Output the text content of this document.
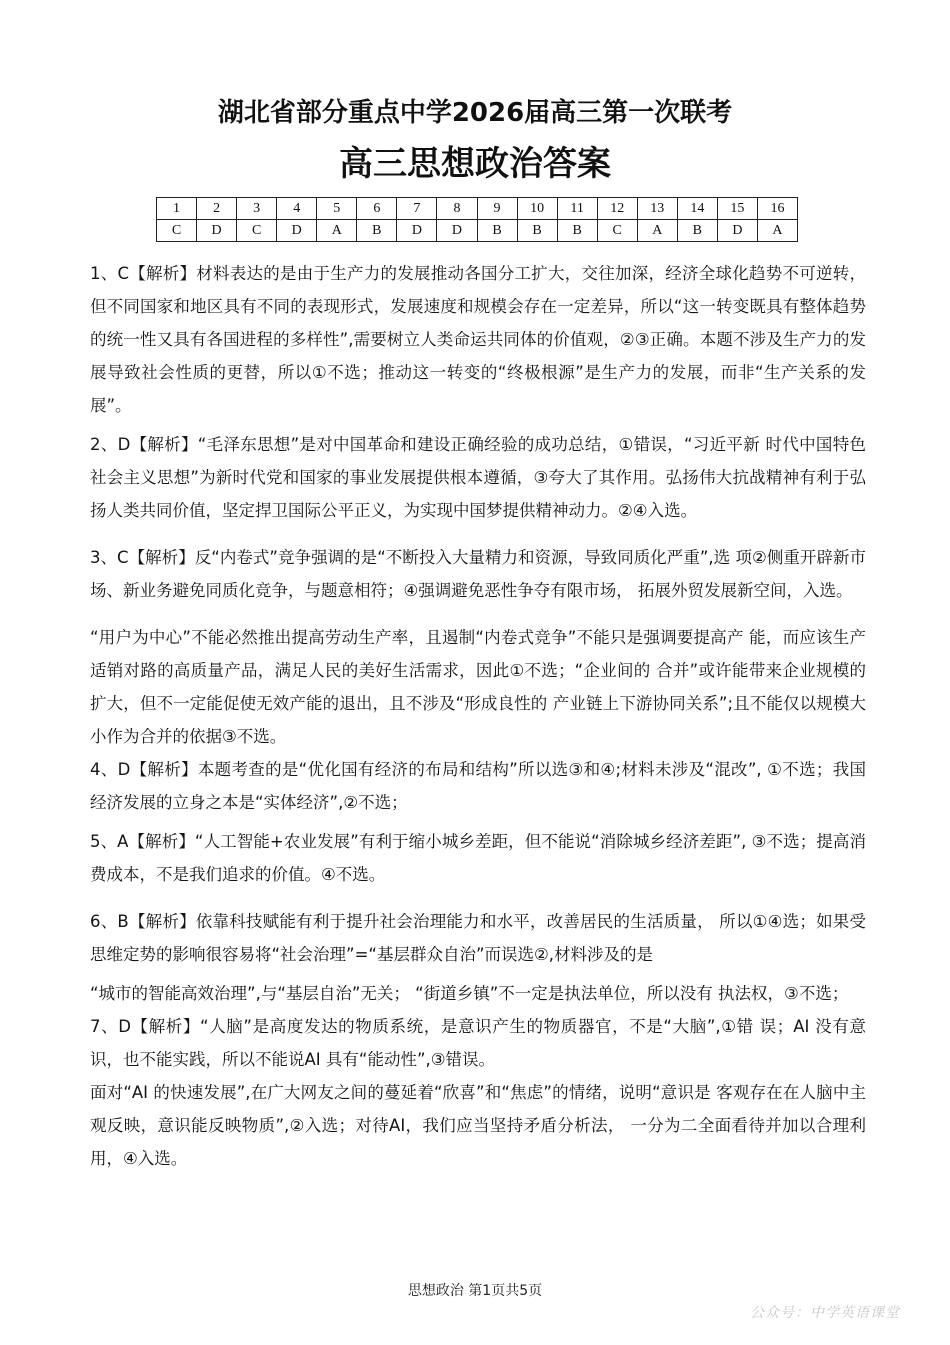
湖北省部分重点中学2026届高三第一次联考
高三思想政治答案
1	2	3	4	5	6	7	8	9	10	11	12	13	14	15	16
C	D	C	D	A	B	D	D	B	B	B	C	A	B	D	A

1、C【解析】材料表达的是由于生产力的发展推动各国分工扩大，交往加深，经济全球化趋势不可逆转，但不同国家和地区具有不同的表现形式，发展速度和规模会存在一定差异，所以“这一转变既具有整体趋势的统一性又具有各国进程的多样性”,需要树立人类命运共同体的价值观，②③正确。本题不涉及生产力的发展导致社会性质的更替，所以①不选；推动这一转变的“终极根源”是生产力的发展，而非“生产关系的发展”。

2、D【解析】“毛泽东思想”是对中国革命和建设正确经验的成功总结，①错误，“习近平新 时代中国特色社会主义思想”为新时代党和国家的事业发展提供根本遵循，③夸大了其作用。弘扬伟大抗战精神有利于弘扬人类共同价值，坚定捍卫国际公平正义，为实现中国梦提供精神动力。②④入选。

3、C【解析】反“内卷式”竞争强调的是“不断投入大量精力和资源，导致同质化严重”,选 项②侧重开辟新市场、新业务避免同质化竞争，与题意相符；④强调避免恶性争夺有限市场， 拓展外贸发展新空间，入选。

“用户为中心”不能必然推出提高劳动生产率，且遏制“内卷式竞争”不能只是强调要提高产 能，而应该生产适销对路的高质量产品，满足人民的美好生活需求，因此①不选；“企业间的 合并”或许能带来企业规模的扩大，但不一定能促使无效产能的退出，且不涉及“形成良性的 产业链上下游协同关系”;且不能仅以规模大小作为合并的依据③不选。

4、D【解析】本题考查的是“优化国有经济的布局和结构”所以选③和④;材料未涉及“混改”, ①不选；我国经济发展的立身之本是“实体经济”,②不选；

5、A【解析】“人工智能+农业发展”有利于缩小城乡差距，但不能说“消除城乡经济差距”, ③不选；提高消费成本，不是我们追求的价值。④不选。

6、B【解析】依靠科技赋能有利于提升社会治理能力和水平，改善居民的生活质量， 所以①④选；如果受思维定势的影响很容易将“社会治理”=“基层群众自治”而误选②,材料涉及的是

“城市的智能高效治理”,与“基层自治”无关； “街道乡镇”不一定是执法单位，所以没有 执法权，③不选；

7、D【解析】“人脑”是高度发达的物质系统，是意识产生的物质器官，不是“大脑”,①错 误；AI 没有意识，也不能实践，所以不能说AI 具有“能动性”,③错误。

面对“AI 的快速发展”,在广大网友之间的蔓延着“欣喜”和“焦虑”的情绪，说明“意识是 客观存在在人脑中主观反映，意识能反映物质”,②入选；对待AI，我们应当坚持矛盾分析法， 一分为二全面看待并加以合理利用，④入选。

思想政治 第1页共5页
公众号：中学英语课堂
